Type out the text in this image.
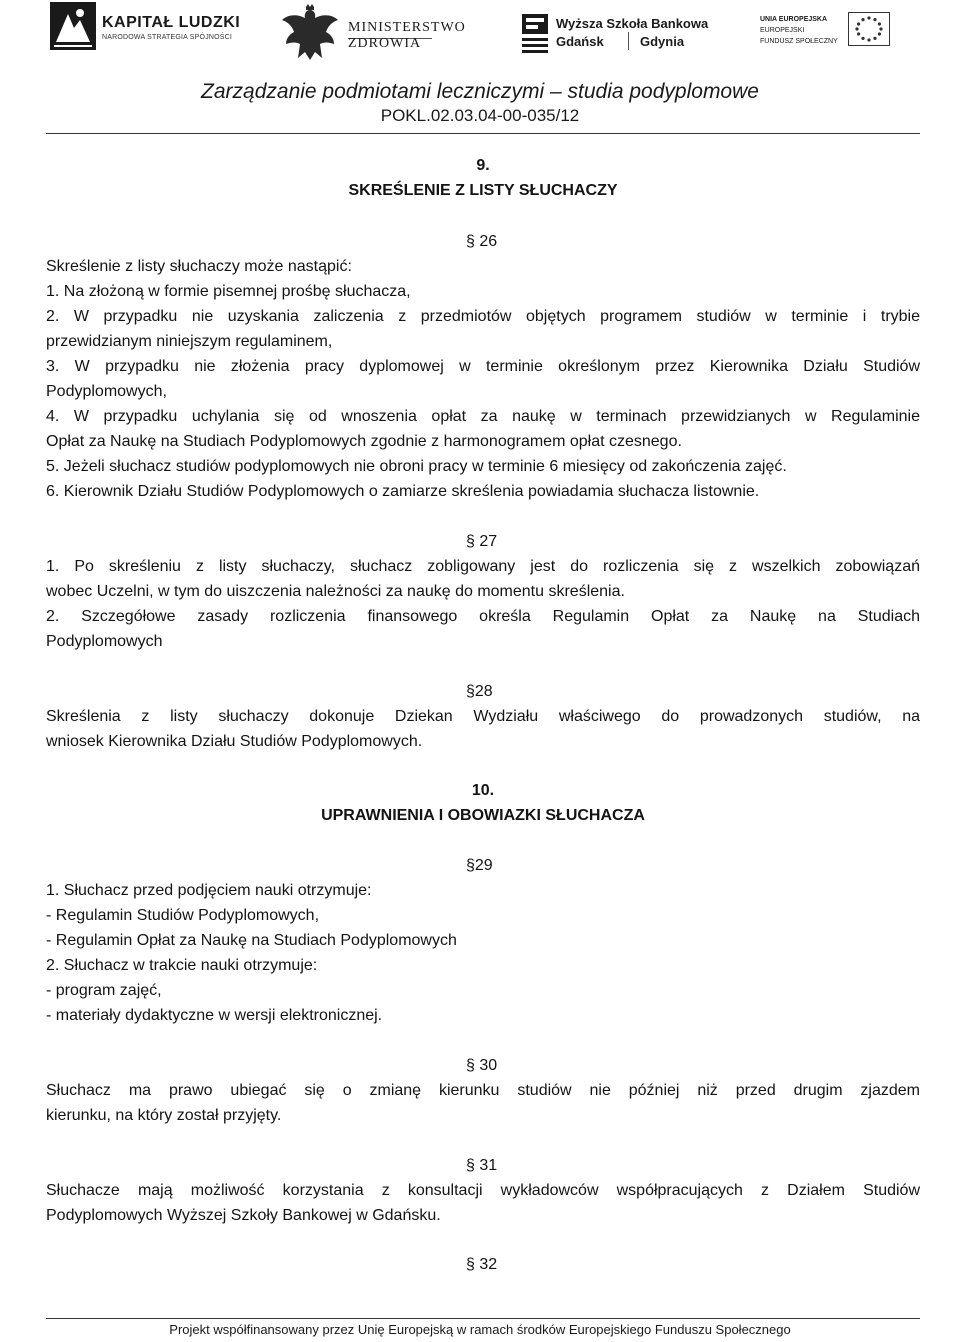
KAPITAŁ LUDZKI
NARODOWA STRATEGIA SPÓJNOŚCI
MINISTERSTWO
ZDROWIA
Wyższa Szkoła Bankowa
Gdańsk	Gdynia
UNIA EUROPEJSKA
EUROPEJSKI
FUNDUSZ SPOŁECZNY
Zarządzanie podmiotami leczniczymi – studia podyplomowe
POKL.02.03.04-00-035/12

9.

SKREŚLENIE Z LISTY SŁUCHACZY

§ 26

Skreślenie z listy słuchaczy może nastąpić:

1. Na złożoną w formie pisemnej prośbę słuchacza,

2. W przypadku nie uzyskania zaliczenia z przedmiotów objętych programem studiów w terminie i trybie

przewidzianym niniejszym regulaminem,

3. W przypadku nie złożenia pracy dyplomowej w terminie określonym przez Kierownika Działu Studiów

Podyplomowych,

4. W przypadku uchylania się od wnoszenia opłat za naukę w terminach przewidzianych w Regulaminie

Opłat za Naukę na Studiach Podyplomowych zgodnie z harmonogramem opłat czesnego.

5. Jeżeli słuchacz studiów podyplomowych nie obroni pracy w terminie 6 miesięcy od zakończenia zajęć.

6. Kierownik Działu Studiów Podyplomowych o zamiarze skreślenia powiadamia słuchacza listownie.

§ 27

1. Po skreśleniu z listy słuchaczy, słuchacz zobligowany jest do rozliczenia się z wszelkich zobowiązań

wobec Uczelni, w tym do uiszczenia należności za naukę do momentu skreślenia.

2. Szczegółowe zasady rozliczenia finansowego określa Regulamin Opłat za Naukę na Studiach

Podyplomowych

§28

Skreślenia z listy słuchaczy dokonuje Dziekan Wydziału właściwego do prowadzonych studiów, na

wniosek Kierownika Działu Studiów Podyplomowych.

10.

UPRAWNIENIA I OBOWIAZKI SŁUCHACZA

§29

1. Słuchacz przed podjęciem nauki otrzymuje:

- Regulamin Studiów Podyplomowych,

- Regulamin Opłat za Naukę na Studiach Podyplomowych

2. Słuchacz w trakcie nauki otrzymuje:

- program zajęć,

- materiały dydaktyczne w wersji elektronicznej.

§ 30

Słuchacz ma prawo ubiegać się o zmianę kierunku studiów nie później niż przed drugim zjazdem

kierunku, na który został przyjęty.

§ 31

Słuchacze mają możliwość korzystania z konsultacji wykładowców współpracujących z Działem Studiów

Podyplomowych Wyższej Szkoły Bankowej w Gdańsku.

§ 32

Projekt współfinansowany przez Unię Europejską w ramach środków Europejskiego Funduszu Społecznego
